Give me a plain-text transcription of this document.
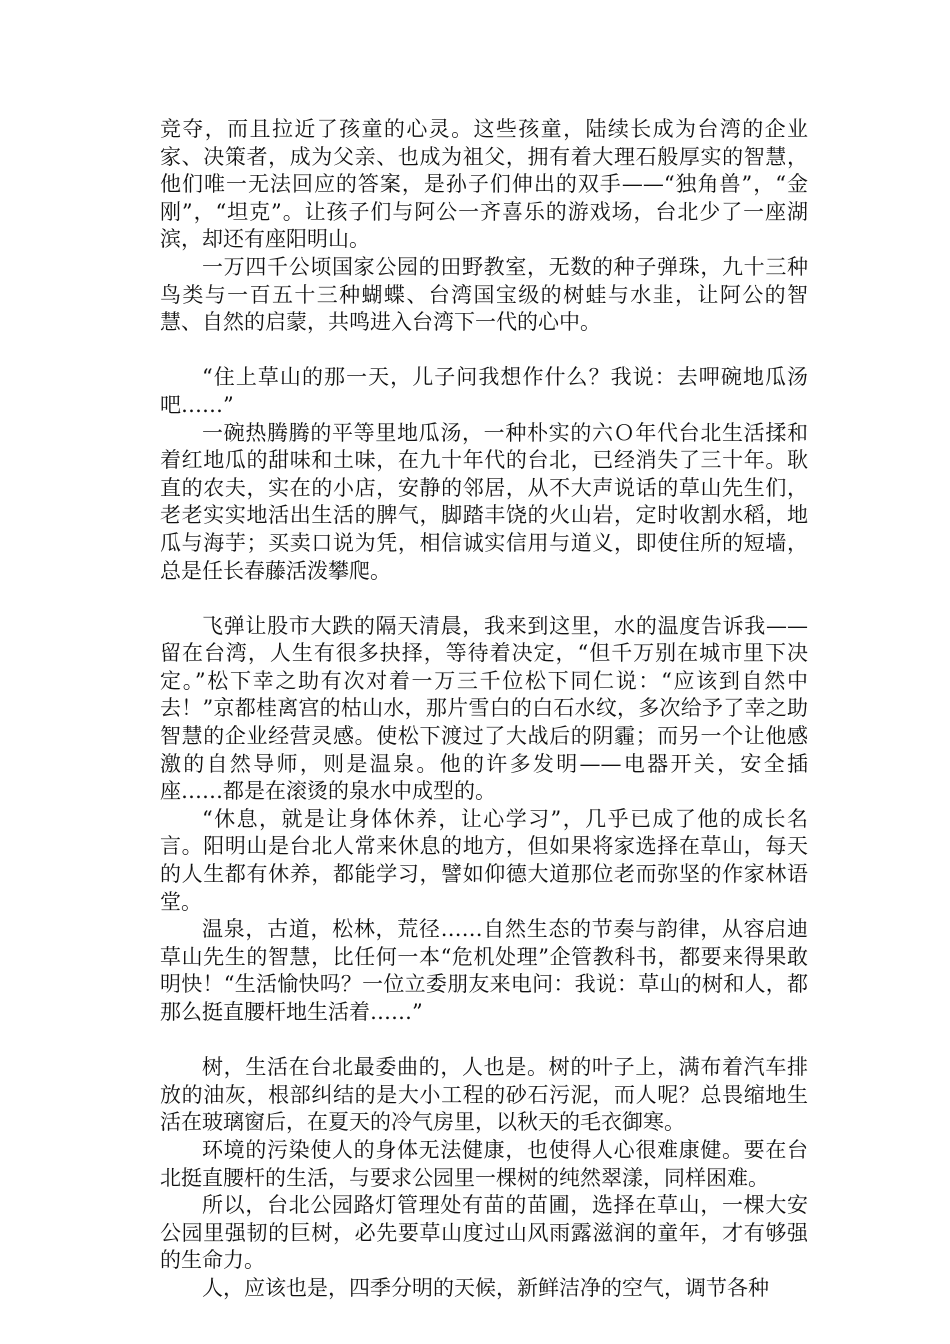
竞夺，而且拉近了孩童的心灵。这些孩童，陆续长成为台湾的企业家、决策者，成为父亲、也成为祖父，拥有着大理石般厚实的智慧，他们唯一无法回应的答案，是孙子们伸出的双手——“独角兽”，“金刚”，“坦克”。让孩子们与阿公一齐喜乐的游戏场，台北少了一座湖滨，却还有座阳明山。

一万四千公顷国家公园的田野教室，无数的种子弹珠，九十三种鸟类与一百五十三种蝴蝶、台湾国宝级的树蛙与水韭，让阿公的智慧、自然的启蒙，共鸣进入台湾下一代的心中。

“住上草山的那一天，儿子问我想作什么？我说：去呷碗地瓜汤吧……”

一碗热腾腾的平等里地瓜汤，一种朴实的六Ｏ年代台北生活揉和着红地瓜的甜味和土味，在九十年代的台北，已经消失了三十年。耿直的农夫，实在的小店，安静的邻居，从不大声说话的草山先生们，老老实实地活出生活的脾气，脚踏丰饶的火山岩，定时收割水稻，地瓜与海芋；买卖口说为凭，相信诚实信用与道义，即使住所的短墙，总是任长春藤活泼攀爬。

飞弹让股市大跌的隔天清晨，我来到这里，水的温度告诉我——留在台湾，人生有很多抉择，等待着决定，“但千万别在城市里下决定。”松下幸之助有次对着一万三千位松下同仁说：“应该到自然中去！”京都桂离宫的枯山水，那片雪白的白石水纹，多次给予了幸之助智慧的企业经营灵感。使松下渡过了大战后的阴霾；而另一个让他感激的自然导师，则是温泉。他的许多发明——电器开关，安全插座……都是在滚烫的泉水中成型的。

“休息，就是让身体休养，让心学习”，几乎已成了他的成长名言。阳明山是台北人常来休息的地方，但如果将家选择在草山，每天的人生都有休养，都能学习，譬如仰德大道那位老而弥坚的作家林语堂。

温泉，古道，松林，荒径……自然生态的节奏与韵律，从容启迪草山先生的智慧，比任何一本“危机处理”企管教科书，都要来得果敢明快！“生活愉快吗？一位立委朋友来电问：我说：草山的树和人，都那么挺直腰杆地生活着……”

树，生活在台北最委曲的，人也是。树的叶子上，满布着汽车排放的油灰，根部纠结的是大小工程的砂石污泥，而人呢？总畏缩地生活在玻璃窗后，在夏天的冷气房里，以秋天的毛衣御寒。

环境的污染使人的身体无法健康，也使得人心很难康健。要在台北挺直腰杆的生活，与要求公园里一棵树的纯然翠漾，同样困难。

所以，台北公园路灯管理处有苗的苗圃，选择在草山，一棵大安公园里强韧的巨树，必先要草山度过山风雨露滋润的童年，才有够强的生命力。

人，应该也是，四季分明的天候，新鲜洁净的空气，调节各种
